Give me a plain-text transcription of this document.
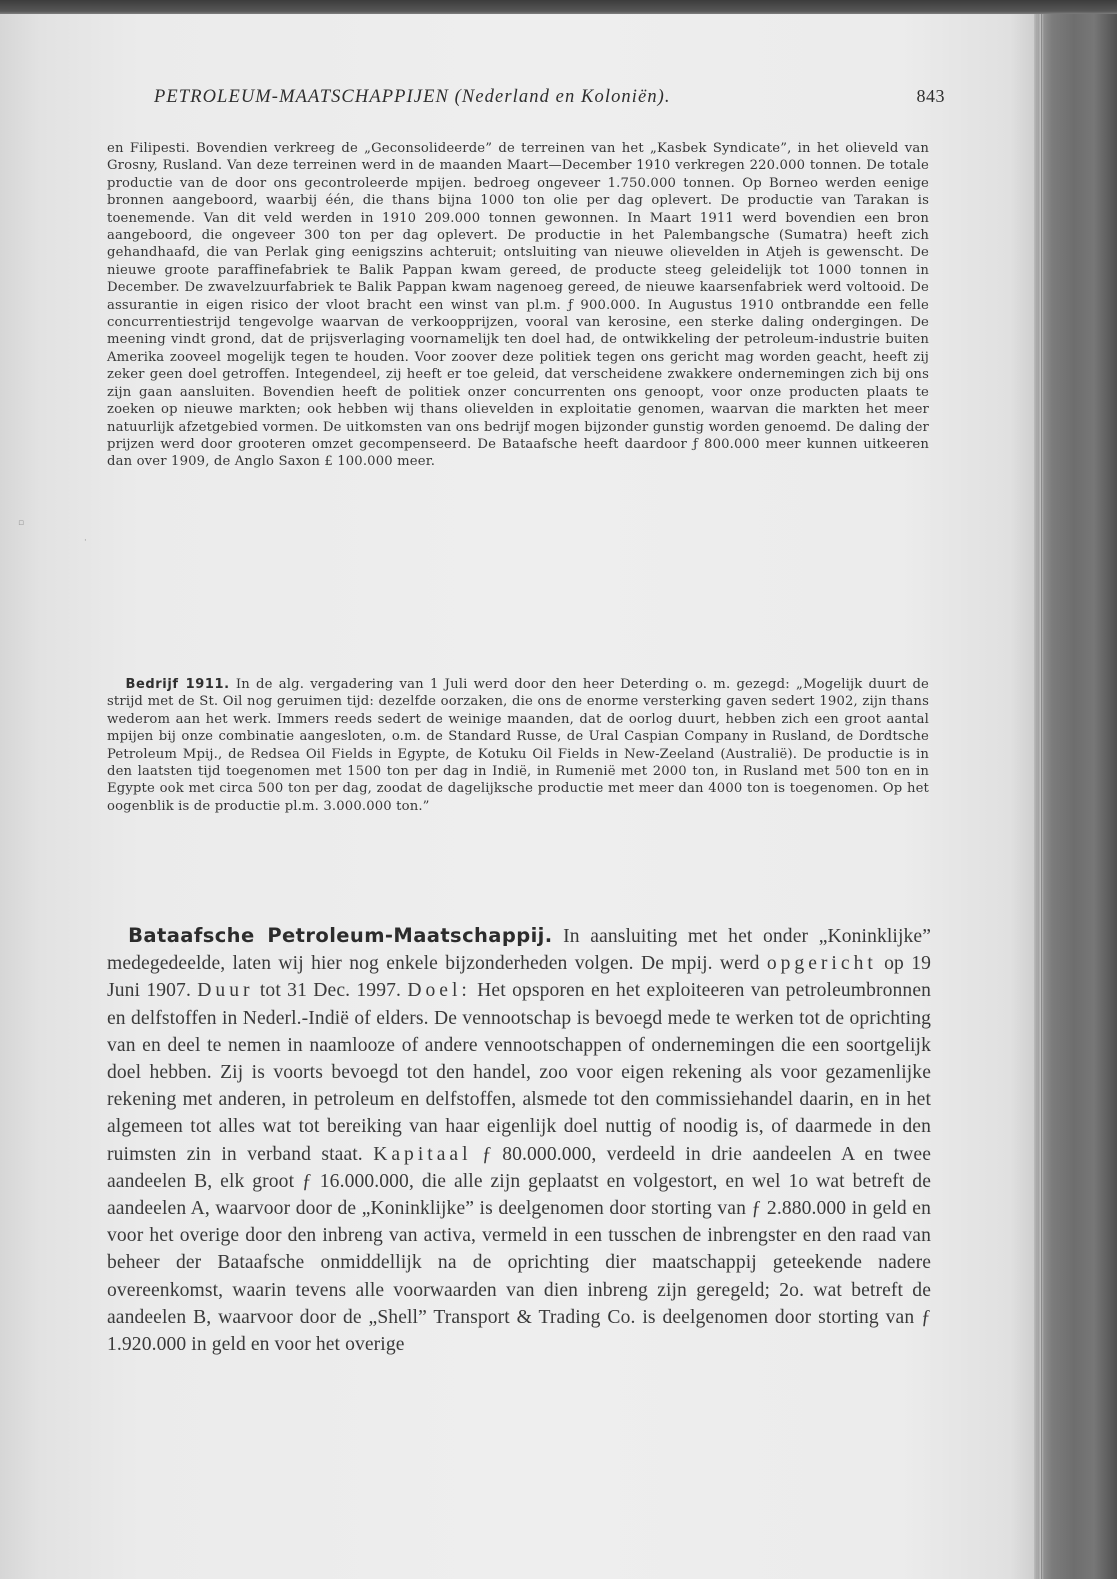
PETROLEUM-MAATSCHAPPIJEN (Nederland en Koloniën).	843

en Filipesti. Bovendien verkreeg de „Geconsolideerde” de terreinen van het „Kasbek Syndicate”, in het olieveld van Grosny, Rusland. Van deze terreinen werd in de maanden Maart—December 1910 verkregen 220.000 tonnen. De totale productie van de door ons gecontroleerde mpijen. bedroeg ongeveer 1.750.000 tonnen. Op Borneo werden eenige bronnen aangeboord, waarbij één, die thans bijna 1000 ton olie per dag oplevert. De productie van Tarakan is toenemende. Van dit veld werden in 1910 209.000 tonnen gewonnen. In Maart 1911 werd bovendien een bron aangeboord, die ongeveer 300 ton per dag oplevert. De productie in het Palembangsche (Sumatra) heeft zich gehandhaafd, die van Perlak ging eenigszins achteruit; ontsluiting van nieuwe olievelden in Atjeh is gewenscht. De nieuwe groote paraffinefabriek te Balik Pappan kwam gereed, de producte steeg geleidelijk tot 1000 tonnen in December. De zwavelzuurfabriek te Balik Pappan kwam nagenoeg gereed, de nieuwe kaarsenfabriek werd voltooid. De assurantie in eigen risico der vloot bracht een winst van pl.m. ƒ 900.000. In Augustus 1910 ontbrandde een felle concurrentiestrijd tengevolge waarvan de verkoopprijzen, vooral van kerosine, een sterke daling ondergingen. De meening vindt grond, dat de prijsverlaging voornamelijk ten doel had, de ontwikkeling der petroleum-industrie buiten Amerika zooveel mogelijk tegen te houden. Voor zoover deze politiek tegen ons gericht mag worden geacht, heeft zij zeker geen doel getroffen. Integendeel, zij heeft er toe geleid, dat verscheidene zwakkere ondernemingen zich bij ons zijn gaan aansluiten. Bovendien heeft de politiek onzer concurrenten ons genoopt, voor onze producten plaats te zoeken op nieuwe markten; ook hebben wij thans olievelden in exploitatie genomen, waarvan die markten het meer natuurlijk afzetgebied vormen. De uitkomsten van ons bedrijf mogen bijzonder gunstig worden genoemd. De daling der prijzen werd door grooteren omzet gecompenseerd. De Bataafsche heeft daardoor ƒ 800.000 meer kunnen uitkeeren dan over 1909, de Anglo Saxon £ 100.000 meer.

Bedrijf 1911. In de alg. vergadering van 1 Juli werd door den heer Deterding o. m. gezegd: „Mogelijk duurt de strijd met de St. Oil nog geruimen tijd: dezelfde oorzaken, die ons de enorme versterking gaven sedert 1902, zijn thans wederom aan het werk. Immers reeds sedert de weinige maanden, dat de oorlog duurt, hebben zich een groot aantal mpijen bij onze combinatie aangesloten, o.m. de Standard Russe, de Ural Caspian Company in Rusland, de Dordtsche Petroleum Mpij., de Redsea Oil Fields in Egypte, de Kotuku Oil Fields in New-Zeeland (Australië). De productie is in den laatsten tijd toegenomen met 1500 ton per dag in Indië, in Rumenië met 2000 ton, in Rusland met 500 ton en in Egypte ook met circa 500 ton per dag, zoodat de dagelijksche productie met meer dan 4000 ton is toegenomen. Op het oogenblik is de productie pl.m. 3.000.000 ton.”

Bataafsche Petroleum-Maatschappij. In aansluiting met het onder „Koninklijke” medegedeelde, laten wij hier nog enkele bijzonderheden volgen. De mpij. werd opgericht op 19 Juni 1907. Duur tot 31 Dec. 1997. Doel: Het opsporen en het exploiteeren van petroleumbronnen en delfstoffen in Nederl.-Indië of elders. De vennootschap is bevoegd mede te werken tot de oprichting van en deel te nemen in naamlooze of andere vennootschappen of ondernemingen die een soortgelijk doel hebben. Zij is voorts bevoegd tot den handel, zoo voor eigen rekening als voor gezamenlijke rekening met anderen, in petroleum en delfstoffen, alsmede tot den commissiehandel daarin, en in het algemeen tot alles wat tot bereiking van haar eigenlijk doel nuttig of noodig is, of daarmede in den ruimsten zin in verband staat. Kapitaal ƒ 80.000.000, verdeeld in drie aandeelen A en twee aandeelen B, elk groot ƒ 16.000.000, die alle zijn geplaatst en volgestort, en wel 1o wat betreft de aandeelen A, waarvoor door de „Koninklijke” is deelgenomen door storting van ƒ 2.880.000 in geld en voor het overige door den inbreng van activa, vermeld in een tusschen de inbrengster en den raad van beheer der Bataafsche onmiddellijk na de oprichting dier maatschappij geteekende nadere overeenkomst, waarin tevens alle voorwaarden van dien inbreng zijn geregeld; 2o. wat betreft de aandeelen B, waarvoor door de „Shell” Transport & Trading Co. is deelgenomen door storting van ƒ 1.920.000 in geld en voor het overige

▫
·
